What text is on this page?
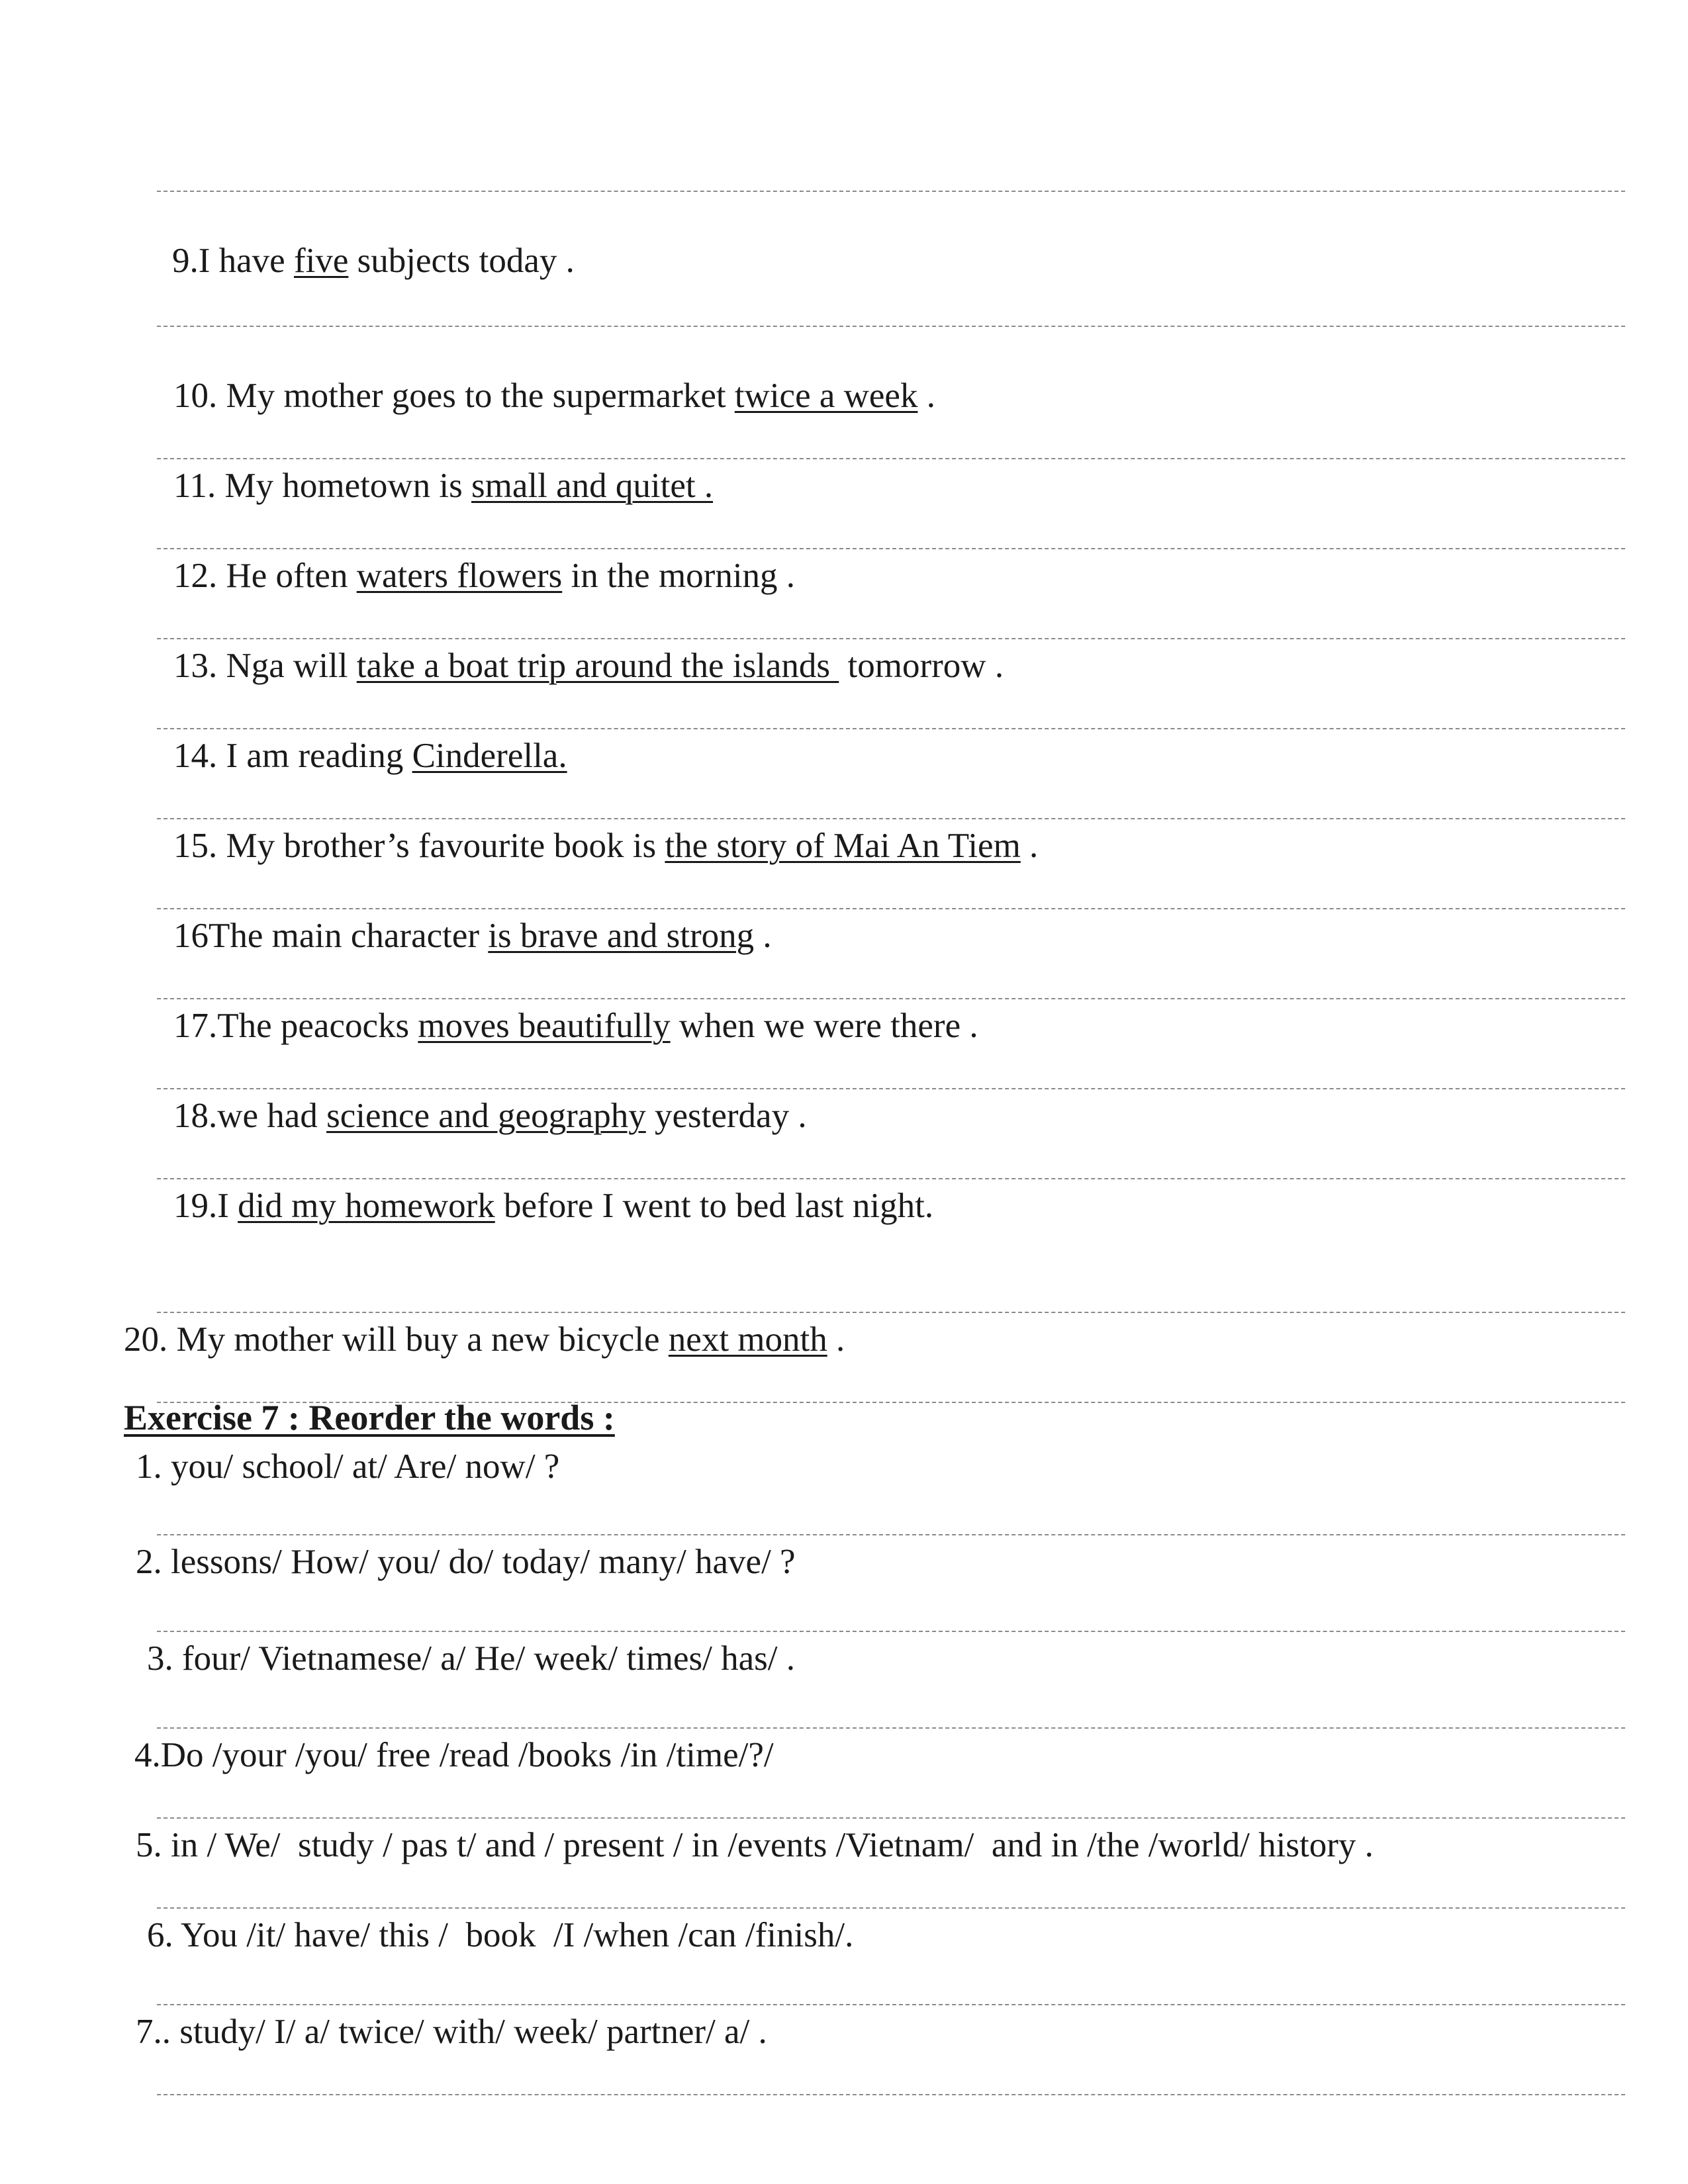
9.I have five subjects today .
10. My mother goes to the supermarket twice a week .
11. My hometown is small and quitet .
12. He often waters flowers in the morning .
13. Nga will take a boat trip around the islands  tomorrow .
14. I am reading Cinderella.
15. My brother’s favourite book is the story of Mai An Tiem .
16The main character is brave and strong .
17.The peacocks moves beautifully when we were there .
18.we had science and geography yesterday .
19.I did my homework before I went to bed last night.
20. My mother will buy a new bicycle next month .
Exercise 7 : Reorder the words :
1. you/ school/ at/ Are/ now/ ?
2. lessons/ How/ you/ do/ today/ many/ have/ ?
3. four/ Vietnamese/ a/ He/ week/ times/ has/ .
4.Do /your /you/ free /read /books /in /time/?/
5. in / We/  study / pas t/ and / present / in /events /Vietnam/  and in /the /world/ history .
6. You /it/ have/ this /  book  /I /when /can /finish/.
7.. study/ I/ a/ twice/ with/ week/ partner/ a/ .
